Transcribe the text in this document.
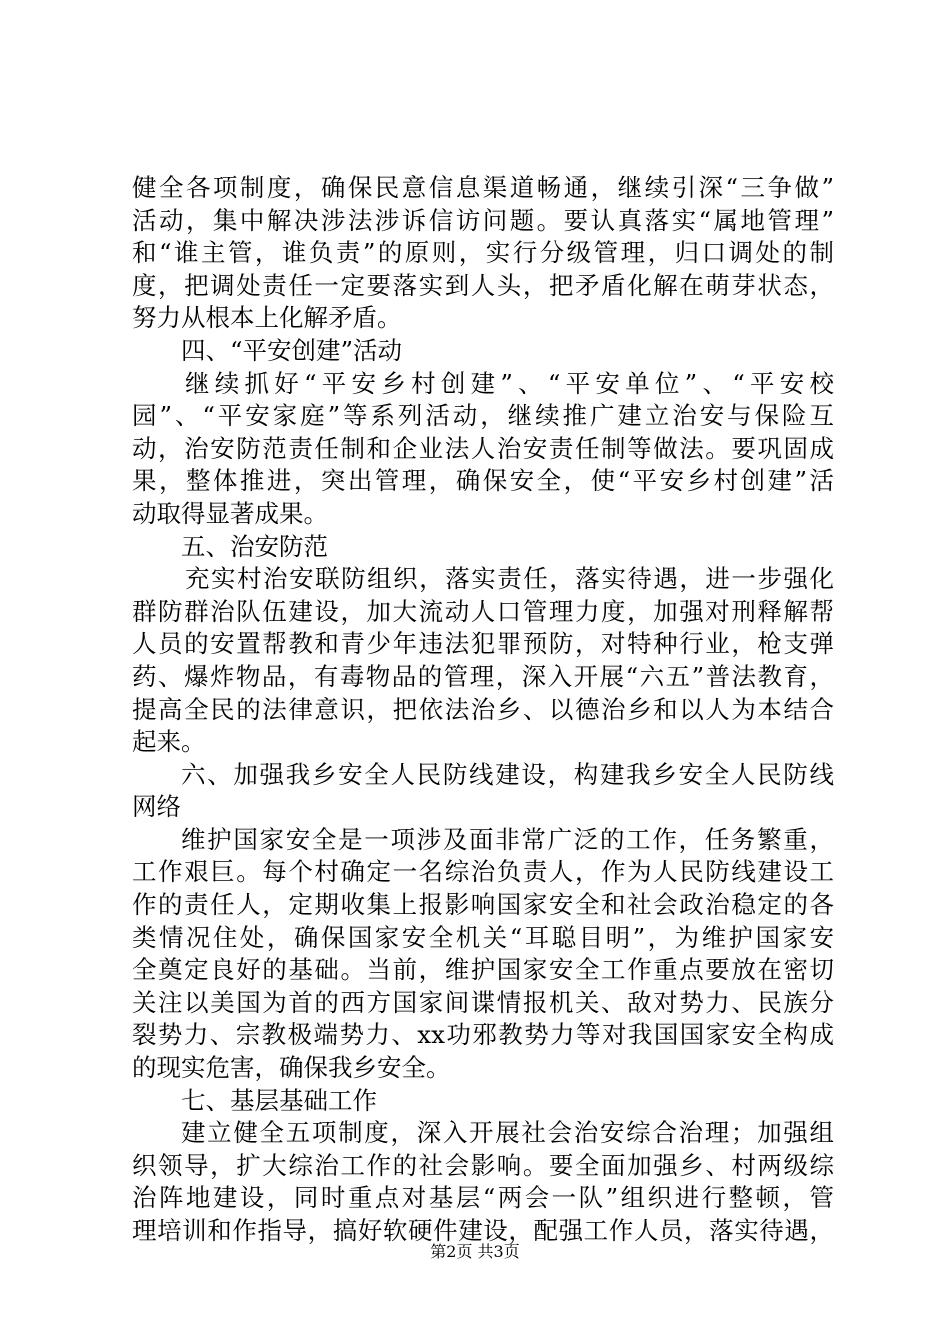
健全各项制度，确保民意信息渠道畅通，继续引深“三争做”
活动，集中解决涉法涉诉信访问题。要认真落实“属地管理”
和“谁主管，谁负责”的原则，实行分级管理，归口调处的制
度，把调处责任一定要落实到人头，把矛盾化解在萌芽状态，
努力从根本上化解矛盾。
四、“平安创建”活动
继续抓好“平安乡村创建”、“平安单位”、“平安校
园”、“平安家庭”等系列活动，继续推广建立治安与保险互
动，治安防范责任制和企业法人治安责任制等做法。要巩固成
果，整体推进，突出管理，确保安全，使“平安乡村创建”活
动取得显著成果。
五、治安防范
充实村治安联防组织，落实责任，落实待遇，进一步强化
群防群治队伍建设，加大流动人口管理力度，加强对刑释解帮
人员的安置帮教和青少年违法犯罪预防，对特种行业，枪支弹
药、爆炸物品，有毒物品的管理，深入开展“六五”普法教育，
提高全民的法律意识，把依法治乡、以德治乡和以人为本结合
起来。
六、加强我乡安全人民防线建设，构建我乡安全人民防线
网络
维护国家安全是一项涉及面非常广泛的工作，任务繁重，
工作艰巨。每个村确定一名综治负责人，作为人民防线建设工
作的责任人，定期收集上报影响国家安全和社会政治稳定的各
类情况住处，确保国家安全机关“耳聪目明”，为维护国家安
全奠定良好的基础。当前，维护国家安全工作重点要放在密切
关注以美国为首的西方国家间谍情报机关、敌对势力、民族分
裂势力、宗教极端势力、xx功邪教势力等对我国国家安全构成
的现实危害，确保我乡安全。
七、基层基础工作
建立健全五项制度，深入开展社会治安综合治理；加强组
织领导，扩大综治工作的社会影响。要全面加强乡、村两级综
治阵地建设，同时重点对基层“两会一队”组织进行整顿，管
理培训和作指导，搞好软硬件建设，配强工作人员，落实待遇，
第2页 共3页
